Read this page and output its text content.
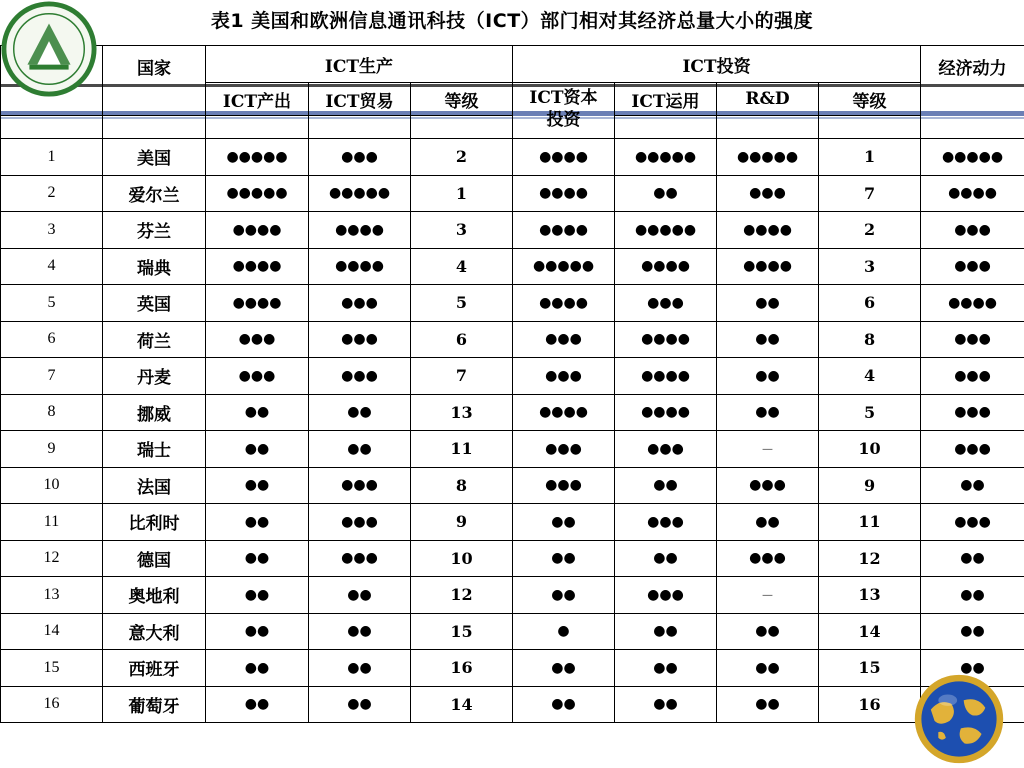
表1 美国和欧洲信息通讯科技（ICT）部门相对其经济总量大小的强度
	国家	ICT生产			ICT投资				经济动力
		ICT产出	ICT贸易	等级	ICT资本
投资	ICT运用	R&D	等级	

1	美国	●●●●●	●●●	2	●●●●	●●●●●	●●●●●	1	●●●●●
2	爱尔兰	●●●●●	●●●●●	1	●●●●	●●	●●●	7	●●●●
3	芬兰	●●●●	●●●●	3	●●●●	●●●●●	●●●●	2	●●●
4	瑞典	●●●●	●●●●	4	●●●●●	●●●●	●●●●	3	●●●
5	英国	●●●●	●●●	5	●●●●	●●●	●●	6	●●●●
6	荷兰	●●●	●●●	6	●●●	●●●●	●●	8	●●●
7	丹麦	●●●	●●●	7	●●●	●●●●	●●	4	●●●
8	挪威	●●	●●	13	●●●●	●●●●	●●	5	●●●
9	瑞士	●●	●●	11	●●●	●●●	－	10	●●●
10	法国	●●	●●●	8	●●●	●●	●●●	9	●●
11	比利时	●●	●●●	9	●●	●●●	●●	11	●●●
12	德国	●●	●●●	10	●●	●●	●●●	12	●●
13	奥地利	●●	●●	12	●●	●●●	－	13	●●
14	意大利	●●	●●	15	●	●●	●●	14	●●
15	西班牙	●●	●●	16	●●	●●	●●	15	●●
16	葡萄牙	●●	●●	14	●●	●●	●●	16	
